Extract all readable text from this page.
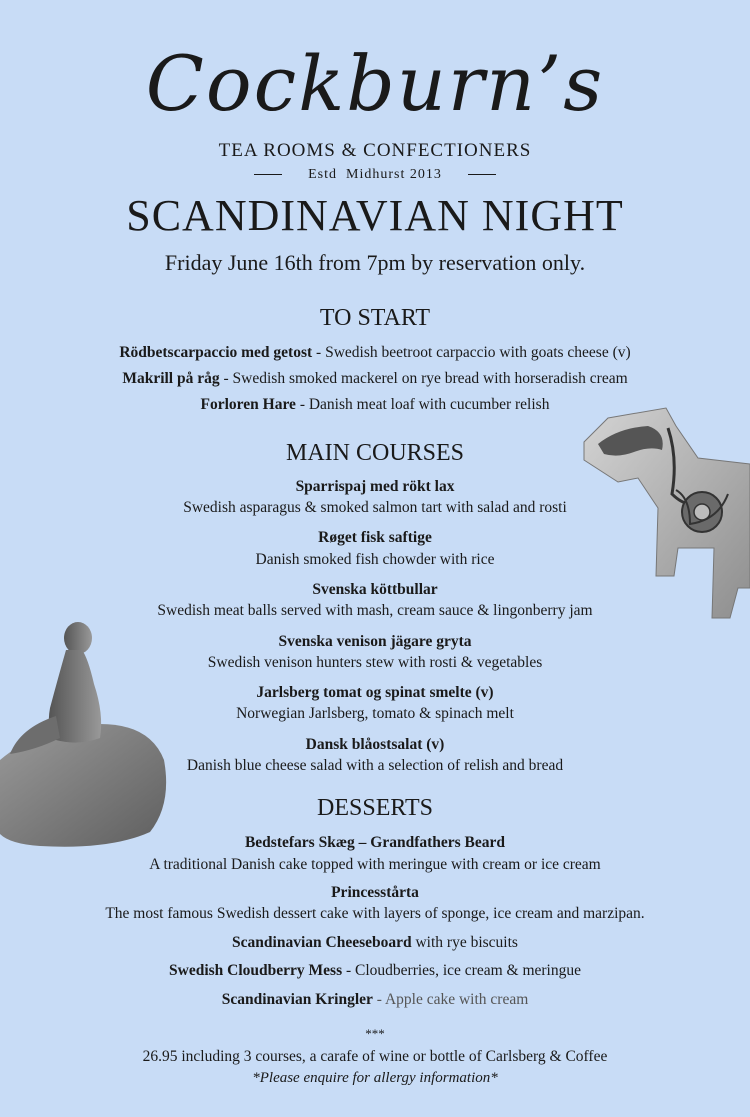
Cockburn’s
TEA ROOMS & CONFECTIONERS
Estd  Midhurst 2013
SCANDINAVIAN NIGHT
Friday June 16th from 7pm by reservation only.
TO START
Rödbetscarpaccio med getost - Swedish beetroot carpaccio with goats cheese (v)
Makrill på råg - Swedish smoked mackerel on rye bread with horseradish cream
Forloren Hare - Danish meat loaf with cucumber relish
MAIN COURSES
Sparrispaj med rökt lax
Swedish asparagus & smoked salmon tart with salad and rosti
Røget fisk saftige
Danish smoked fish chowder with rice
Svenska köttbullar
Swedish meat balls served with mash, cream sauce & lingonberry jam
Svenska venison jägare gryta
Swedish venison hunters stew with rosti & vegetables
Jarlsberg tomat og spinat smelte (v)
Norwegian Jarlsberg, tomato & spinach melt
Dansk blåostsalat (v)
Danish blue cheese salad with a selection of relish and bread
DESSERTS
Bedstefars Skæg – Grandfathers Beard
A traditional Danish cake topped with meringue with cream or ice cream
Princesstårta
The most famous Swedish dessert cake with layers of sponge, ice cream and marzipan.
Scandinavian Cheeseboard with rye biscuits
Swedish Cloudberry Mess - Cloudberries, ice cream & meringue
Scandinavian Kringler - Apple cake with cream
***
26.95 including 3 courses, a carafe of wine or bottle of Carlsberg & Coffee
*Please enquire for allergy information*
